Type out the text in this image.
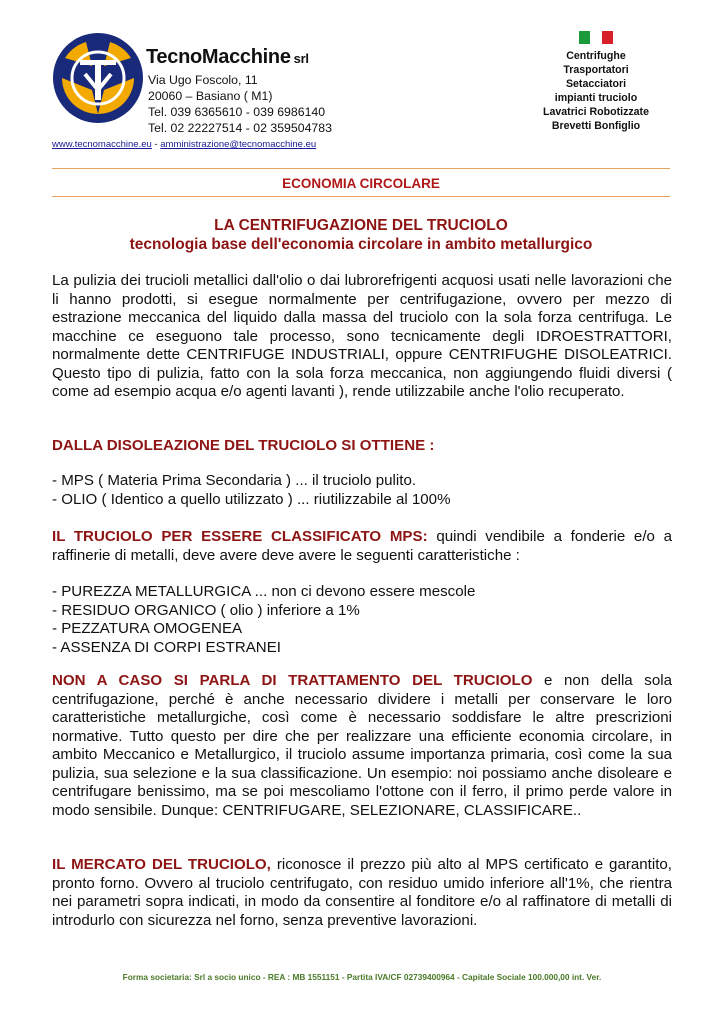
TecnoMacchine srl
Via Ugo Foscolo, 11
20060 – Basiano ( M1)
Tel. 039 6365610 - 039 6986140
Tel. 02 22227514 - 02 359504783
www.tecnomacchine.eu - amministrazione@tecnomacchine.eu
Centrifughe
Trasportatori
Setacciatori
impianti truciolo
Lavatrici Robotizzate
Brevetti Bonfiglio
ECONOMIA CIRCOLARE
LA CENTRIFUGAZIONE DEL TRUCIOLO
tecnologia base dell'economia circolare in ambito metallurgico
La pulizia dei trucioli metallici dall'olio o dai lubrorefrigenti acquosi usati nelle lavorazioni che li hanno prodotti, si esegue normalmente per centrifugazione, ovvero per mezzo di estrazione meccanica del liquido dalla massa del truciolo con la sola forza centrifuga. Le macchine ce eseguono tale processo, sono tecnicamente degli IDROESTRATTORI, normalmente dette CENTRIFUGE INDUSTRIALI, oppure CENTRIFUGHE DISOLEATRICI. Questo tipo di pulizia, fatto con la sola forza meccanica, non aggiungendo fluidi diversi ( come ad esempio acqua e/o agenti lavanti ), rende utilizzabile anche l'olio recuperato.
DALLA DISOLEAZIONE DEL TRUCIOLO SI OTTIENE :
- MPS ( Materia Prima Secondaria ) ... il truciolo pulito.
- OLIO ( Identico a quello utilizzato ) ... riutilizzabile al 100%
IL TRUCIOLO PER ESSERE CLASSIFICATO MPS: quindi vendibile a fonderie e/o a raffinerie di metalli, deve avere deve avere le seguenti caratteristiche :
- PUREZZA METALLURGICA ... non ci devono essere mescole
- RESIDUO ORGANICO ( olio ) inferiore a 1%
- PEZZATURA OMOGENEA
- ASSENZA DI CORPI ESTRANEI
NON A CASO SI PARLA DI TRATTAMENTO DEL TRUCIOLO e non della sola centrifugazione, perché è anche necessario dividere i metalli per conservare le loro caratteristiche metallurgiche, così come è necessario soddisfare le altre prescrizioni normative. Tutto questo per dire che per realizzare una efficiente economia circolare, in ambito Meccanico e Metallurgico, il truciolo assume importanza primaria, così come la sua pulizia, sua selezione e la sua classificazione. Un esempio: noi possiamo anche disoleare e centrifugare benissimo, ma se poi mescoliamo l'ottone con il ferro, il primo perde valore in modo sensibile. Dunque: CENTRIFUGARE, SELEZIONARE, CLASSIFICARE..
IL MERCATO DEL TRUCIOLO, riconosce il prezzo più alto al MPS certificato e garantito, pronto forno. Ovvero al truciolo centrifugato, con residuo umido inferiore all'1%, che rientra nei parametri sopra indicati, in modo da consentire al fonditore e/o al raffinatore di metalli di introdurlo con sicurezza nel forno, senza preventive lavorazioni.
Forma societaria: Srl a socio unico - REA : MB 1551151 - Partita IVA/CF 02739400964 - Capitale Sociale 100.000,00 int. Ver.
